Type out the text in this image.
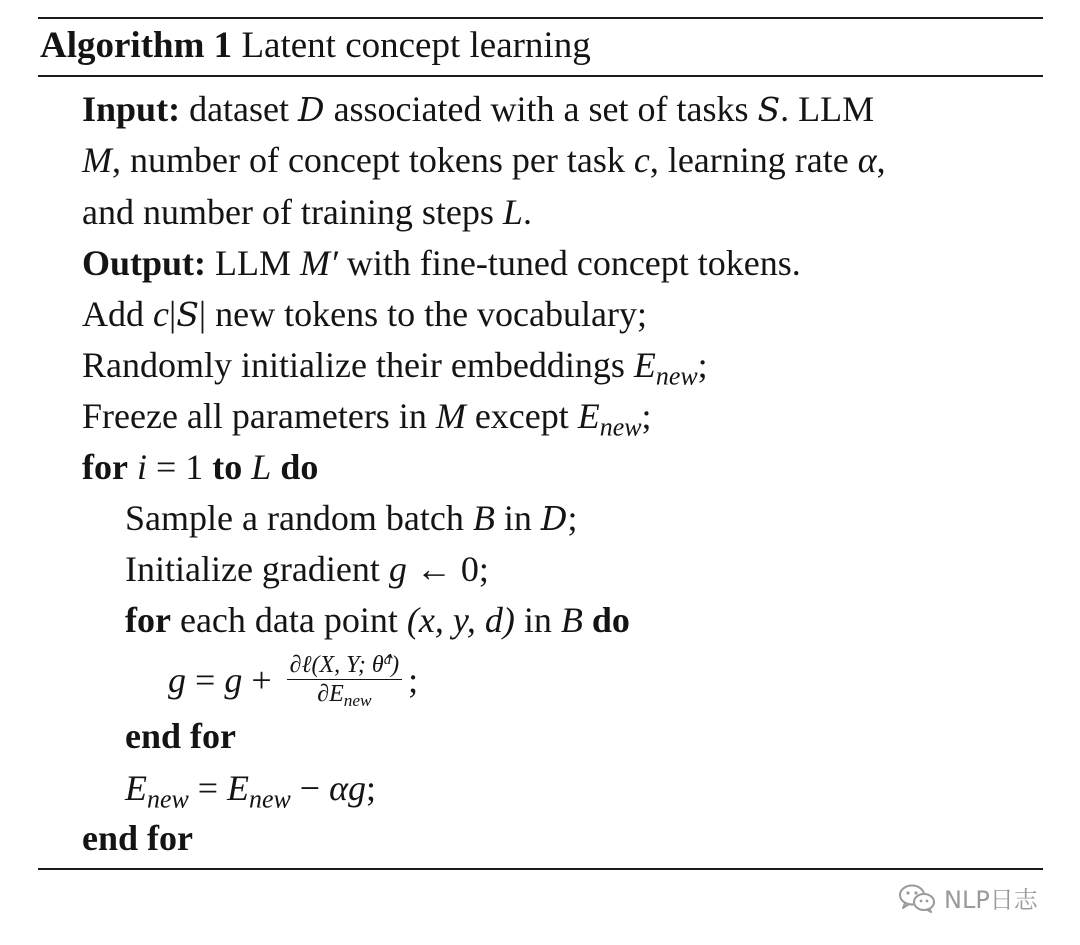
Algorithm 1 Latent concept learning
Input: dataset D associated with a set of tasks S. LLM
M, number of concept tokens per task c, learning rate α,
and number of training steps L.
Output: LLM M′ with fine-tuned concept tokens.
Add c|S| new tokens to the vocabulary;
Randomly initialize their embeddings $E_{new}$;
Freeze all parameters in M except $E_{new}$;
for i = 1 to L do
Sample a random batch B in D;
Initialize gradient g ← 0;
for each data point (x, y, d) in B do
$g = g + \frac{\partial\ell(X, Y; \thetâ^d)}{\partial E_{new}}$ ;
end for
$E_{new} = E_{new} - \alpha g$;
end for
NLP日志
